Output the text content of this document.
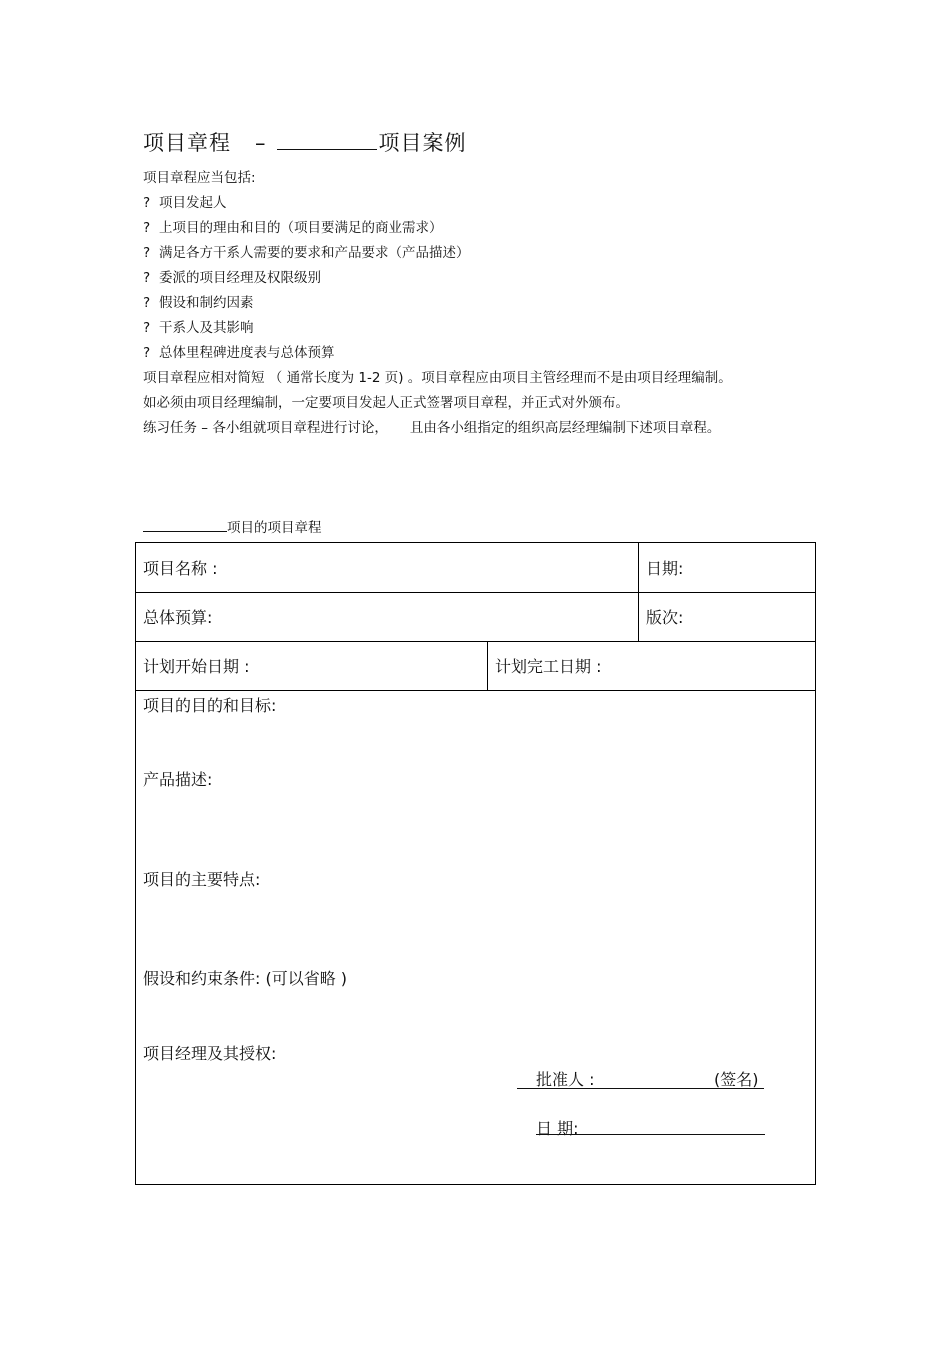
项目章程 –	项目案例

项目章程应当包括:

? 项目发起人

? 上项目的理由和目的（项目要满足的商业需求）

? 满足各方干系人需要的要求和产品要求（产品描述）

? 委派的项目经理及权限级别

? 假设和制约因素

? 干系人及其影响

? 总体里程碑进度表与总体预算

项目章程应相对简短 （ 通常长度为 1-2 页) 。项目章程应由项目主管经理而不是由项目经理编制。

如必须由项目经理编制，一定要项目发起人正式签署项目章程，并正式对外颁布。

练习任务 – 各小组就项目章程进行讨论， 且由各小组指定的组织高层经理编制下述项目章程。

项目的项目章程
项目名称 :	日期:
总体预算:	版次:
计划开始日期 :	计划完工日期 :
项目的目的和目标:
产品描述:
项目的主要特点:
假设和约束条件: (可以省略 )
项目经理及其授权:
批准人 :	(签名)
日 期:
